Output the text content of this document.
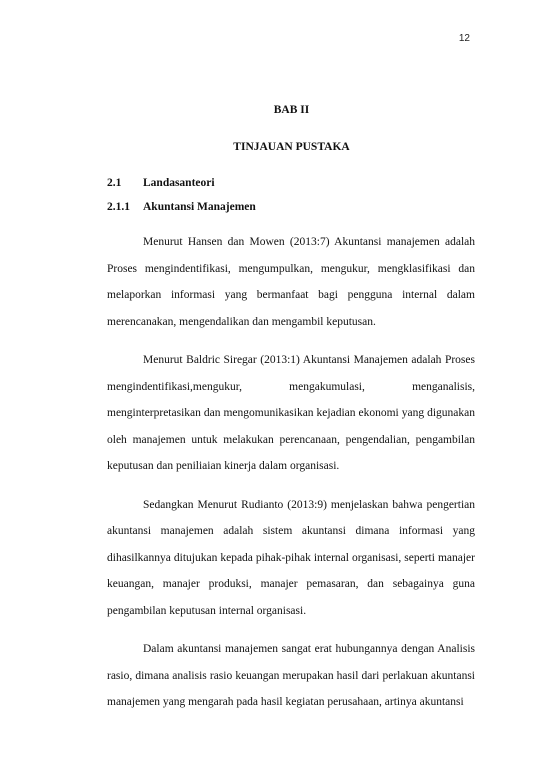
12
BAB II
TINJAUAN PUSTAKA
2.1 Landasanteori
2.1.1 Akuntansi Manajemen

Menurut Hansen dan Mowen (2013:7) Akuntansi manajemen adalah Proses mengindentifikasi, mengumpulkan, mengukur, mengklasifikasi dan melaporkan informasi yang bermanfaat bagi pengguna internal dalam merencanakan, mengendalikan dan mengambil keputusan.

Menurut Baldric Siregar (2013:1) Akuntansi Manajemen adalah Proses mengindentifikasi,mengukur, mengakumulasi, menganalisis, menginterpretasikan dan mengomunikasikan kejadian ekonomi yang digunakan oleh manajemen untuk melakukan perencanaan, pengendalian, pengambilan keputusan dan peniliaian kinerja dalam organisasi.

Sedangkan Menurut Rudianto (2013:9) menjelaskan bahwa pengertian akuntansi manajemen adalah sistem akuntansi dimana informasi yang dihasilkannya ditujukan kepada pihak-pihak internal organisasi, seperti manajer keuangan, manajer produksi, manajer pemasaran, dan sebagainya guna pengambilan keputusan internal organisasi.

Dalam akuntansi manajemen sangat erat hubungannya dengan Analisis rasio, dimana analisis rasio keuangan merupakan hasil dari perlakuan akuntansi manajemen yang mengarah pada hasil kegiatan perusahaan, artinya akuntansi
